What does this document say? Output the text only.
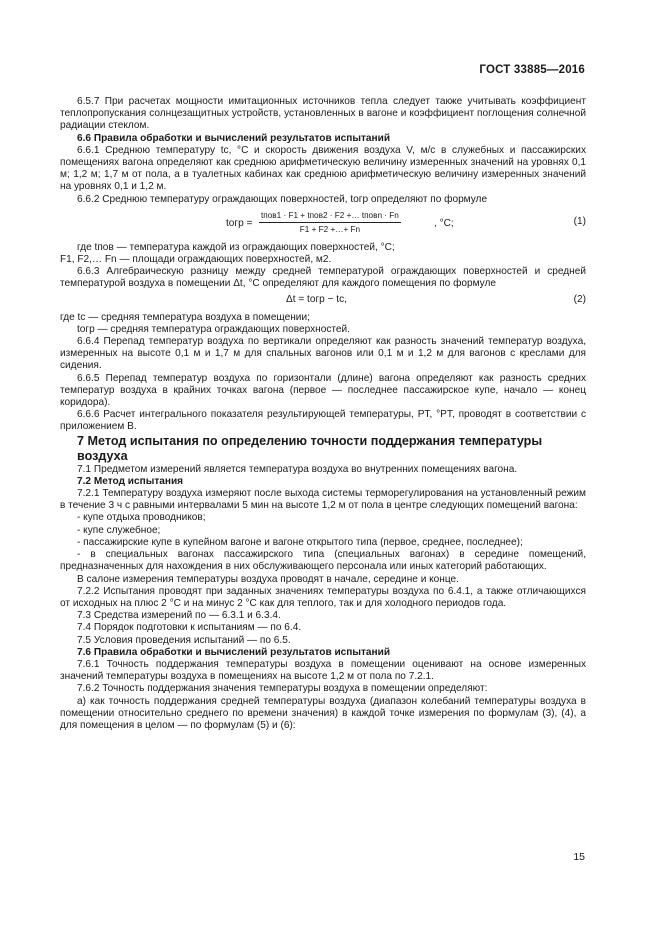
ГОСТ 33885—2016

6.5.7 При расчетах мощности имитационных источников тепла следует также учитывать коэффициент теплопропускания солнцезащитных устройств, установленных в вагоне и коэффициент поглощения солнечной радиации стеклом.

6.6 Правила обработки и вычислений результатов испытаний

6.6.1 Среднюю температуру tc, °С и скорость движения воздуха V, м/с в служебных и пассажирских помещениях вагона определяют как среднюю арифметическую величину измеренных значений на уровнях 0,1 м; 1,2 м; 1,7 м от пола, а в туалетных кабинах как среднюю арифметическую величину измеренных значений на уровнях 0,1 и 1,2 м.

6.6.2 Среднюю температуру ограждающих поверхностей, tогр определяют по формуле

tогр =
tпов1 · F1 + tпов2 · F2 +… tповn · Fn
F1 + F2 +…+ Fn
, °С;	(1)

где tпов — температура каждой из ограждающих поверхностей, °С;

F1, F2,… Fn — площади ограждающих поверхностей, м2.

6.6.3 Алгебраическую разницу между средней температурой ограждающих поверхностей и средней температурой воздуха в помещении Δt, °С определяют для каждого помещения по формуле

Δt = tогр − tc,	(2)

где tc — средняя температура воздуха в помещении;

tогр — средняя температура ограждающих поверхностей.

6.6.4 Перепад температур воздуха по вертикали определяют как разность значений температур воздуха, измеренных на высоте 0,1 м и 1,7 м для спальных вагонов или 0,1 м и 1,2 м для вагонов с креслами для сидения.

6.6.5 Перепад температур воздуха по горизонтали (длине) вагона определяют как разность средних температур воздуха в крайних точках вагона (первое — последнее пассажирское купе, начало — конец коридора).

6.6.6 Расчет интегрального показателя результирующей температуры, PT, °PT, проводят в соответствии с приложением В.

7 Метод испытания по определению точности поддержания температуры воздуха

7.1 Предметом измерений является температура воздуха во внутренних помещениях вагона.

7.2 Метод испытания

7.2.1 Температуру воздуха измеряют после выхода системы терморегулирования на установленный режим в течение 3 ч с равными интервалами 5 мин на высоте 1,2 м от пола в центре следующих помещений вагона:

- купе отдыха проводников;

- купе служебное;

- пассажирские купе в купейном вагоне и вагоне открытого типа (первое, среднее, последнее);

- в специальных вагонах пассажирского типа (специальных вагонах) в середине помещений, предназначенных для нахождения в них обслуживающего персонала или иных категорий работающих.

В салоне измерения температуры воздуха проводят в начале, середине и конце.

7.2.2 Испытания проводят при заданных значениях температуры воздуха по 6.4.1, а также отличающихся от исходных на плюс 2 °С и на минус 2 °С как для теплого, так и для холодного периодов года.

7.3 Средства измерений по — 6.3.1 и 6.3.4.

7.4 Порядок подготовки к испытаниям — по 6.4.

7.5 Условия проведения испытаний — по 6.5.

7.6 Правила обработки и вычислений результатов испытаний

7.6.1 Точность поддержания температуры воздуха в помещении оценивают на основе измеренных значений температуры воздуха в помещениях на высоте 1,2 м от пола по 7.2.1.

7.6.2 Точность поддержания значения температуры воздуха в помещении определяют:

а) как точность поддержания средней температуры воздуха (диапазон колебаний температуры воздуха в помещении относительно среднего по времени значения) в каждой точке измерения по формулам (3), (4), а для помещения в целом — по формулам (5) и (6):

15
